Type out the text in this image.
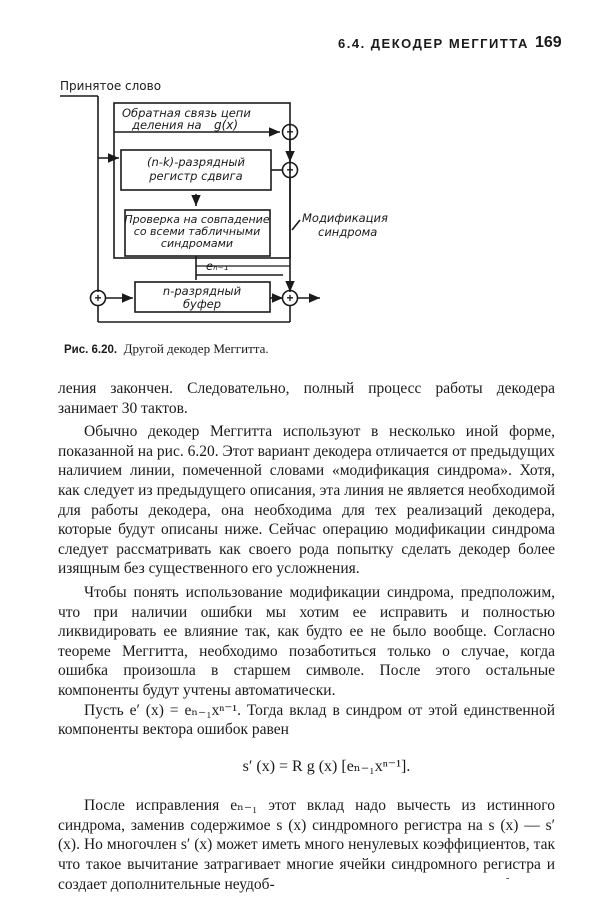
6.4. ДЕКОДЕР МЕГГИТТА 169
+
+
+	+
Принятое слово
Обратная связь цепи
деления на g(x)
(n-k)-разрядный
регистр сдвига
Проверка на совпадение
со всеми табличными
синдромами
eₙ₋₁
Модификация
синдрома
n-разрядный
буфер
Рис. 6.20. Другой декодер Меггитта.

ления закончен. Следовательно, полный процесс работы декодера занимает 30 тактов.

Обычно декодер Меггитта используют в несколько иной форме, показанной на рис. 6.20. Этот вариант декодера отличается от предыдущих наличием линии, помеченной словами «модификация синдрома». Хотя, как следует из предыдущего описания, эта линия не является необходимой для работы декодера, она необходима для тех реализаций декодера, которые будут описаны ниже. Сейчас операцию модификации синдрома следует рассматривать как своего рода попытку сделать декодер более изящным без существенного его усложнения.

Чтобы понять использование модификации синдрома, предположим, что при наличии ошибки мы хотим ее исправить и полностью ликвидировать ее влияние так, как будто ее не было вообще. Согласно теореме Меггитта, необходимо позаботиться только о случае, когда ошибка произошла в старшем символе. После этого остальные компоненты будут учтены автоматически.

Пусть e′ (x) = eₙ₋₁xⁿ⁻¹. Тогда вклад в синдром от этой единственной компоненты вектора ошибок равен

s′ (x) = R g (x) [eₙ₋₁xⁿ⁻¹].

После исправления eₙ₋₁ этот вклад надо вычесть из истинного синдрома, заменив содержимое s (x) синдромного регистра на s (x) — s′ (x). Но многочлен s′ (x) может иметь много ненулевых коэффициентов, так что такое вычитание затрагивает многие ячейки синдромного регистра и создает дополнительные неудоб-	-
